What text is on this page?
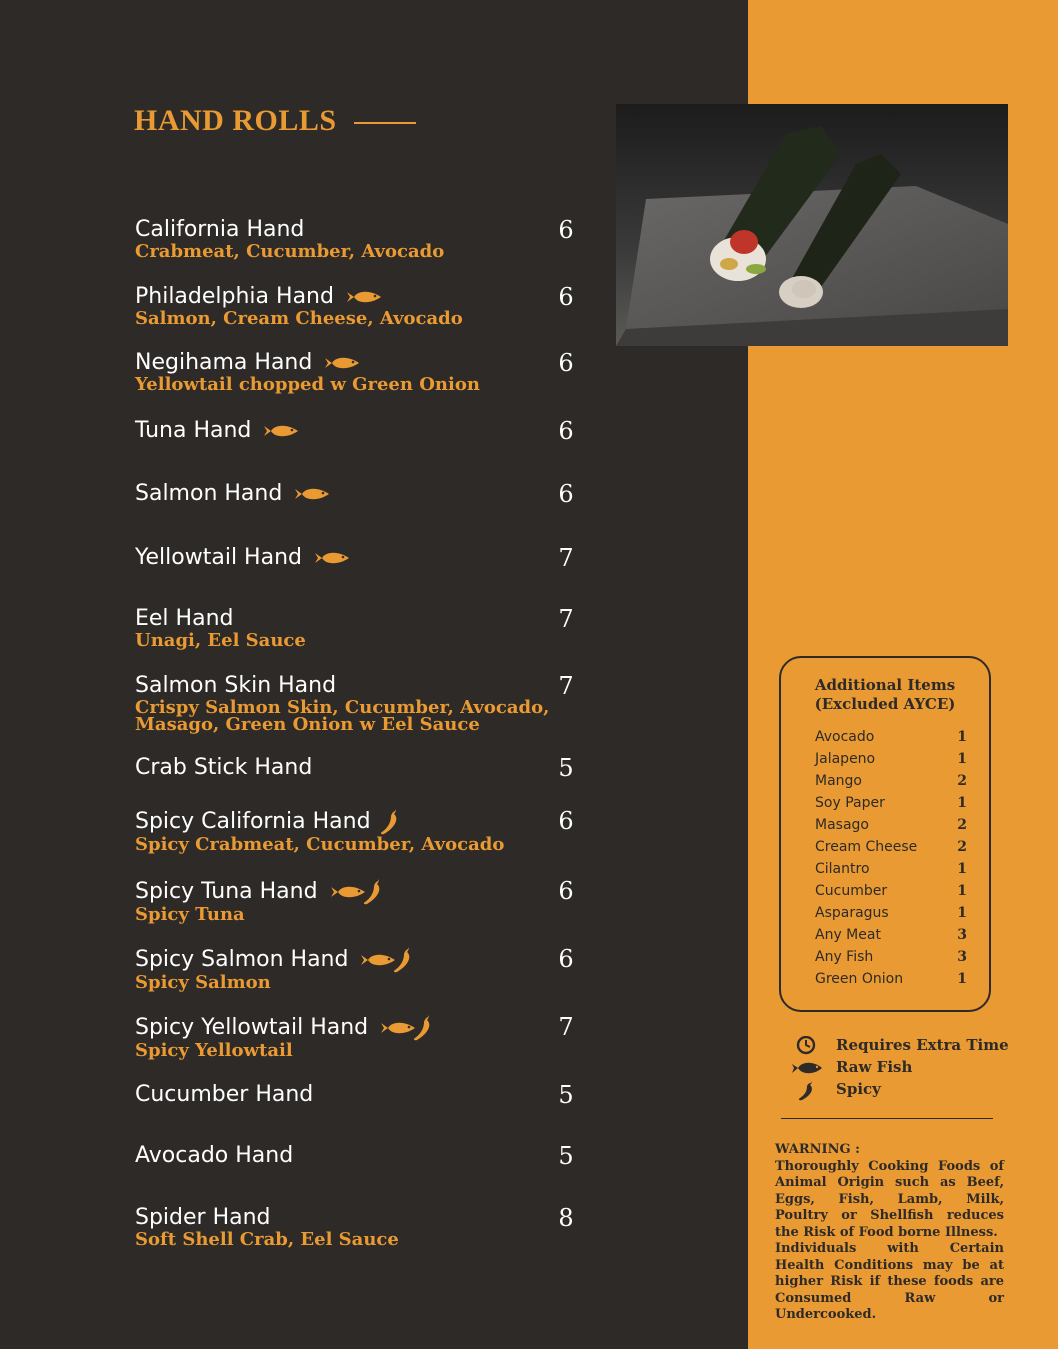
HAND ROLLS
California Hand	6
Crabmeat, Cucumber, Avocado
Philadelphia Hand	6
Salmon, Cream Cheese, Avocado
Negihama Hand	6
Yellowtail chopped w Green Onion
Tuna Hand	6
Salmon Hand	6
Yellowtail Hand	7
Eel Hand	7
Unagi, Eel Sauce
Salmon Skin Hand	7
Crispy Salmon Skin, Cucumber, Avocado,
Masago, Green Onion w Eel Sauce
Crab Stick Hand	5
Spicy California Hand	6
Spicy Crabmeat, Cucumber, Avocado
Spicy Tuna Hand	6
Spicy Tuna
Spicy Salmon Hand	6
Spicy Salmon
Spicy Yellowtail Hand	7
Spicy Yellowtail
Cucumber Hand	5
Avocado Hand	5
Spider Hand	8
Soft Shell Crab, Eel Sauce
Additional Items
(Excluded AYCE)
Avocado	1
Jalapeno	1
Mango	2
Soy Paper	1
Masago	2
Cream Cheese	2
Cilantro	1
Cucumber	1
Asparagus	1
Any Meat	3
Any Fish	3
Green Onion	1
Requires Extra Time
Raw Fish
Spicy

WARNING :

Thoroughly Cooking Foods of Animal Origin such as Beef, Eggs, Fish, Lamb, Milk, Poultry or Shellfish reduces the Risk of Food borne Illness.

Individuals with Certain Health Conditions may be at higher Risk if these foods are Consumed Raw or Undercooked.
